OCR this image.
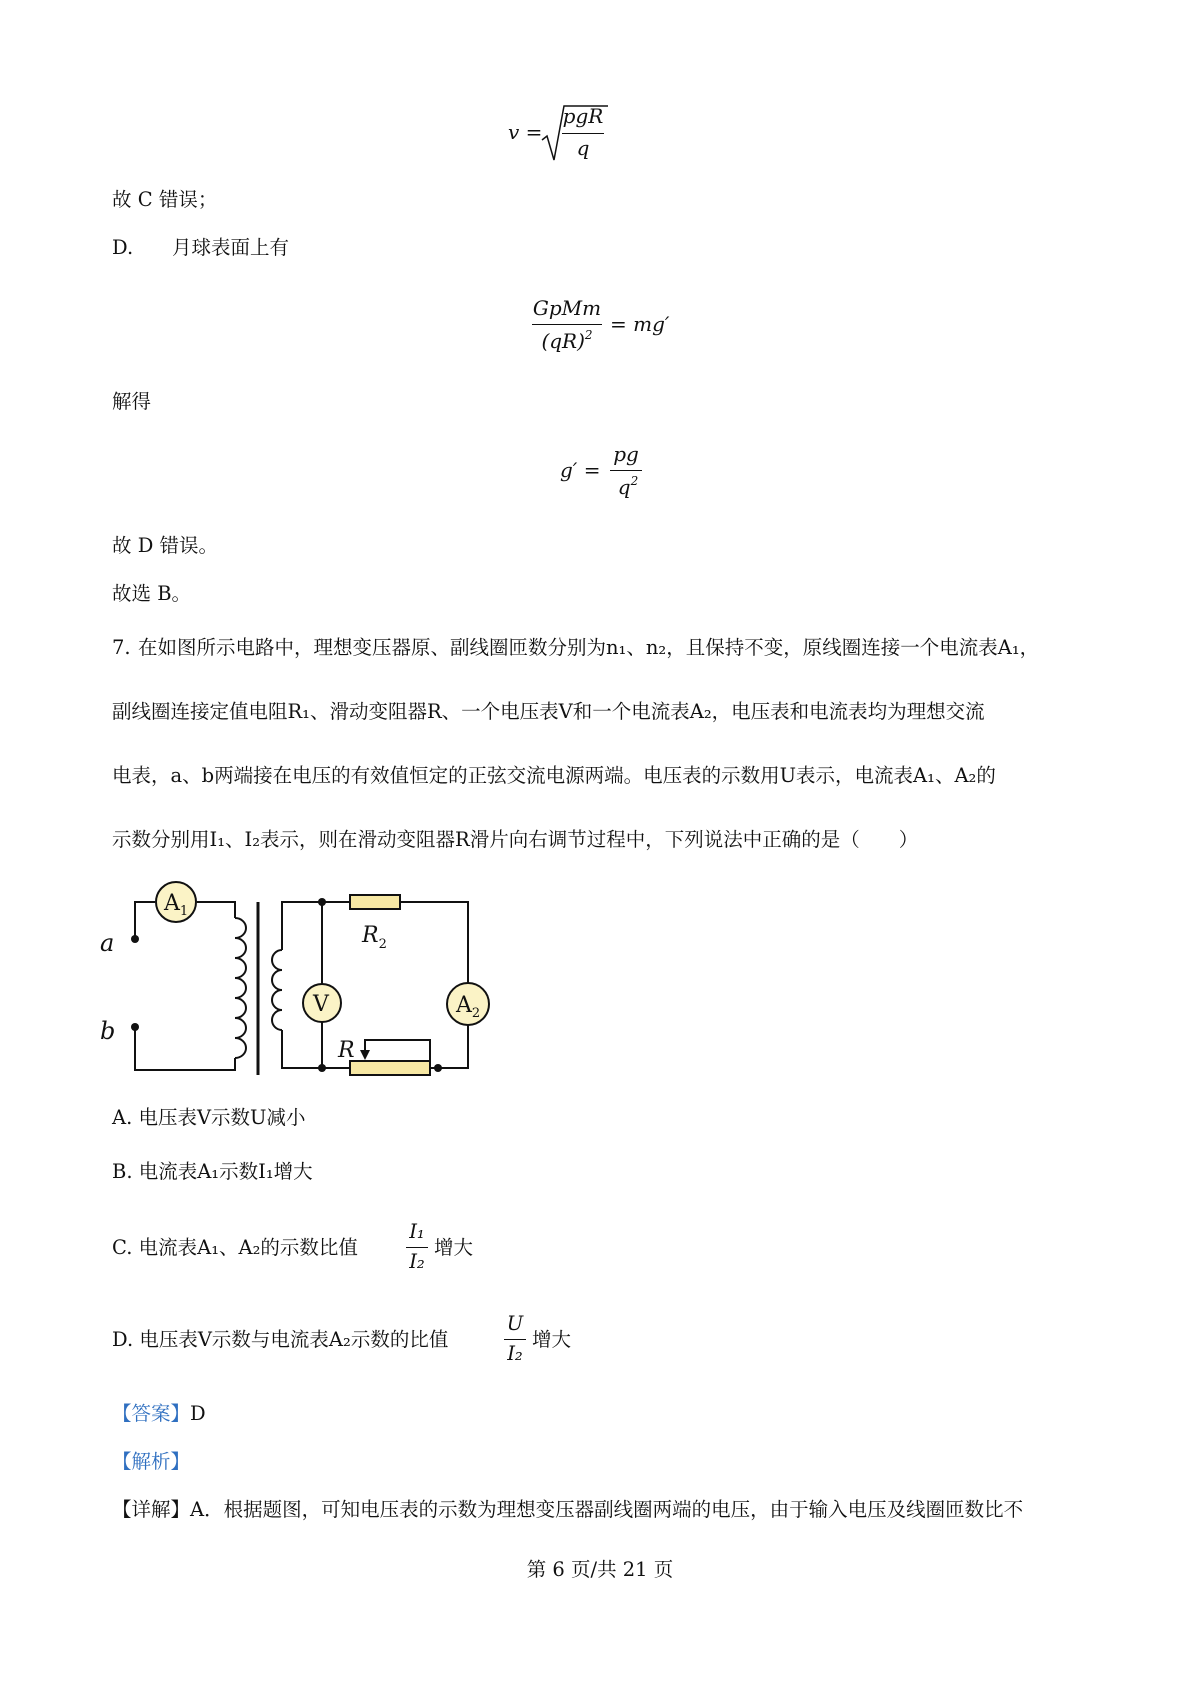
v =
pgR
q
故 C 错误；
D. 月球表面上有
GpMm
(qR)$^2$ = mg′
解得
g′ =
pg
$q^2$
故 D 错误。
故选 B。
7. 在如图所示电路中，理想变压器原、副线圈匝数分别为n₁、n₂，且保持不变，原线圈连接一个电流表A₁，
副线圈连接定值电阻R₁、滑动变阻器R、一个电压表V和一个电流表A₂，电压表和电流表均为理想交流
电表，a、b两端接在电压的有效值恒定的正弦交流电源两端。电压表的示数用U表示，电流表A₁、A₂的
示数分别用I₁、I₂表示，则在滑动变阻器R滑片向右调节过程中，下列说法中正确的是（　　）
$A_1$
V	$A_2$
$R_2$
R
a
b
A. 电压表V示数U减小
B. 电流表A₁示数I₁增大
C. 电流表A₁、A₂的示数比值
I₁
I₂
增大
D. 电压表V示数与电流表A₂示数的比值
U
I₂
增大
【答案】D
【解析】
【详解】A．根据题图，可知电压表的示数为理想变压器副线圈两端的电压，由于输入电压及线圈匝数比不
第 6 页/共 21 页
